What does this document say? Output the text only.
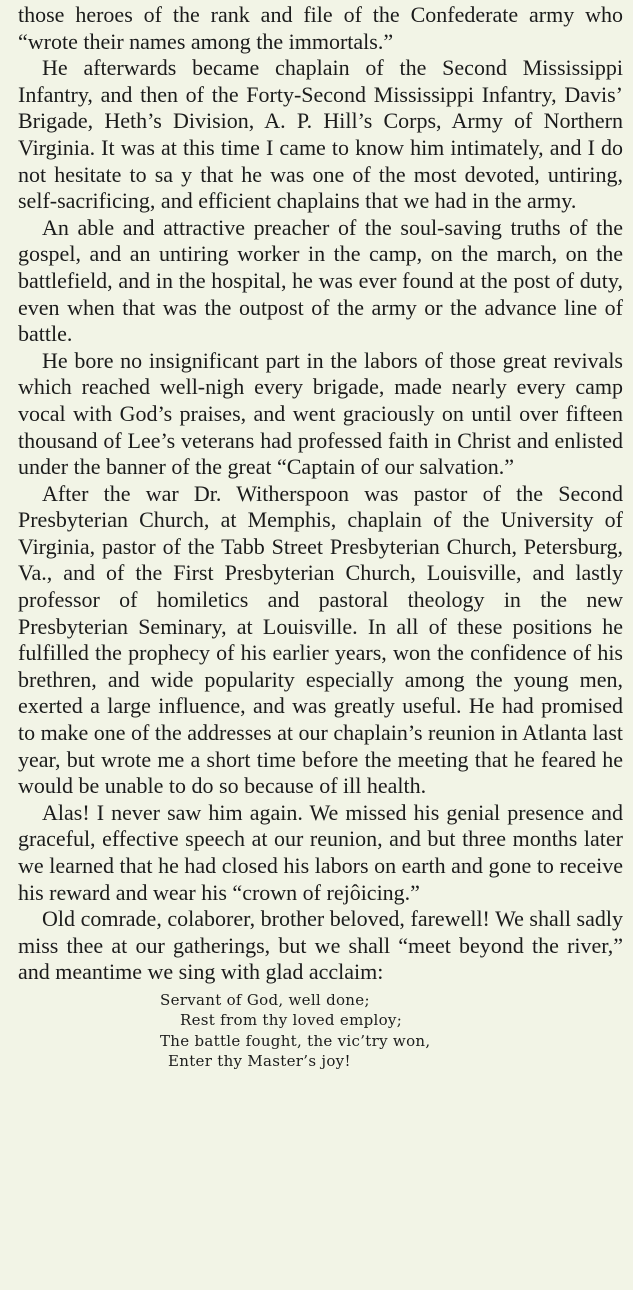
those heroes of the rank and file of the Confederate army who “wrote their names among the immortals.”

He afterwards became chaplain of the Second Mississippi Infantry, and then of the Forty-Second Mississippi Infantry, Davis’ Brigade, Heth’s Division, A. P. Hill’s Corps, Army of Northern Virginia. It was at this time I came to know him intimately, and I do not hesitate to sa y that he was one of the most devoted, untiring, self-sacrificing, and efficient chaplains that we had in the army.

An able and attractive preacher of the soul-saving truths of the gospel, and an untiring worker in the camp, on the march, on the battlefield, and in the hospital, he was ever found at the post of duty, even when that was the outpost of the army or the advance line of battle.

He bore no insignificant part in the labors of those great revivals which reached well-nigh every brigade, made nearly every camp vocal with God’s praises, and went graciously on until over fifteen thousand of Lee’s veterans had professed faith in Christ and enlisted under the banner of the great “Captain of our salvation.”

After the war Dr. Witherspoon was pastor of the Second Presbyterian Church, at Memphis, chaplain of the University of Virginia, pastor of the Tabb Street Presbyterian Church, Petersburg, Va., and of the First Presbyterian Church, Louisville, and lastly professor of homiletics and pastoral theology in the new Presbyterian Seminary, at Louisville. In all of these positions he fulfilled the prophecy of his earlier years, won the confidence of his brethren, and wide popularity especially among the young men, exerted a large influence, and was greatly useful. He had promised to make one of the addresses at our chaplain’s reunion in Atlanta last year, but wrote me a short time before the meeting that he feared he would be unable to do so because of ill health.

Alas! I never saw him again. We missed his genial presence and graceful, effective speech at our reunion, and but three months later we learned that he had closed his labors on earth and gone to receive his reward and wear his “crown of rejôicing.”

Old comrade, colaborer, brother beloved, farewell! We shall sadly miss thee at our gatherings, but we shall “meet beyond the river,” and meantime we sing with glad acclaim:

Servant of God, well done;
Rest from thy loved employ;
The battle fought, the vic’try won,
Enter thy Master’s joy!
